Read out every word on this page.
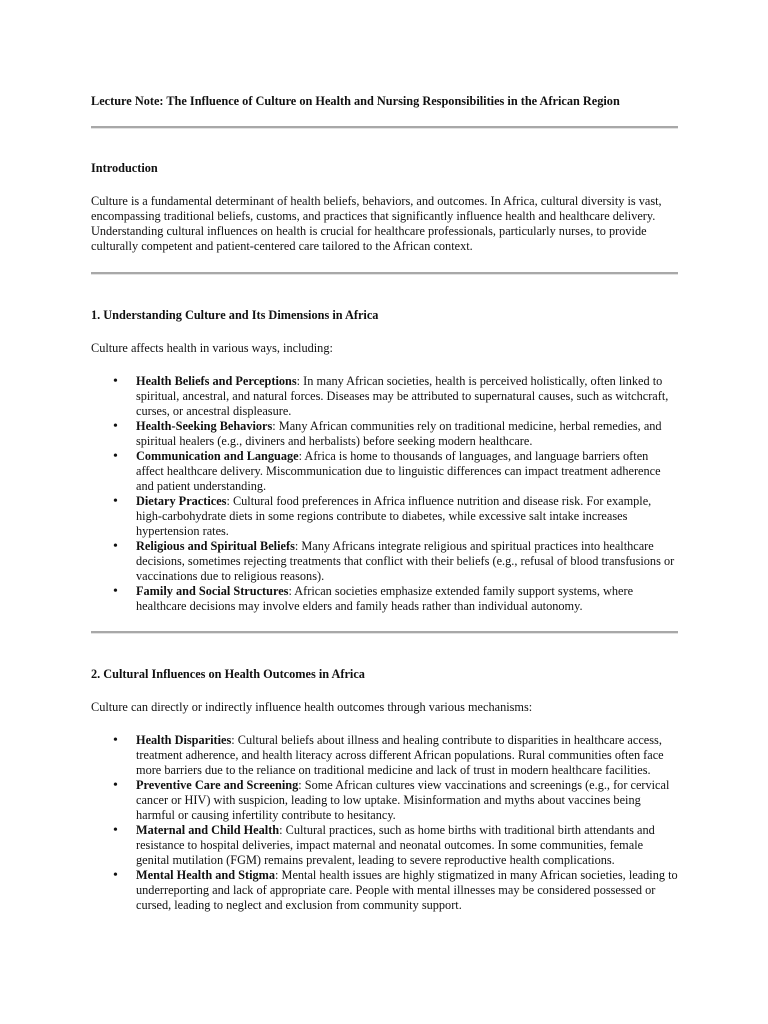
Lecture Note: The Influence of Culture on Health and Nursing Responsibilities in the African Region
Introduction

Culture is a fundamental determinant of health beliefs, behaviors, and outcomes. In Africa, cultural diversity is vast, encompassing traditional beliefs, customs, and practices that significantly influence health and healthcare delivery. Understanding cultural influences on health is crucial for healthcare professionals, particularly nurses, to provide culturally competent and patient-centered care tailored to the African context.

1. Understanding Culture and Its Dimensions in Africa

Culture affects health in various ways, including:

• Health Beliefs and Perceptions: In many African societies, health is perceived holistically, often linked to spiritual, ancestral, and natural forces. Diseases may be attributed to supernatural causes, such as witchcraft, curses, or ancestral displeasure.
• Health-Seeking Behaviors: Many African communities rely on traditional medicine, herbal remedies, and spiritual healers (e.g., diviners and herbalists) before seeking modern healthcare.
• Communication and Language: Africa is home to thousands of languages, and language barriers often affect healthcare delivery. Miscommunication due to linguistic differences can impact treatment adherence and patient understanding.
• Dietary Practices: Cultural food preferences in Africa influence nutrition and disease risk. For example, high-carbohydrate diets in some regions contribute to diabetes, while excessive salt intake increases hypertension rates.
• Religious and Spiritual Beliefs: Many Africans integrate religious and spiritual practices into healthcare decisions, sometimes rejecting treatments that conflict with their beliefs (e.g., refusal of blood transfusions or vaccinations due to religious reasons).
• Family and Social Structures: African societies emphasize extended family support systems, where healthcare decisions may involve elders and family heads rather than individual autonomy.
2. Cultural Influences on Health Outcomes in Africa

Culture can directly or indirectly influence health outcomes through various mechanisms:

• Health Disparities: Cultural beliefs about illness and healing contribute to disparities in healthcare access, treatment adherence, and health literacy across different African populations. Rural communities often face more barriers due to the reliance on traditional medicine and lack of trust in modern healthcare facilities.
• Preventive Care and Screening: Some African cultures view vaccinations and screenings (e.g., for cervical cancer or HIV) with suspicion, leading to low uptake. Misinformation and myths about vaccines being harmful or causing infertility contribute to hesitancy.
• Maternal and Child Health: Cultural practices, such as home births with traditional birth attendants and resistance to hospital deliveries, impact maternal and neonatal outcomes. In some communities, female genital mutilation (FGM) remains prevalent, leading to severe reproductive health complications.
• Mental Health and Stigma: Mental health issues are highly stigmatized in many African societies, leading to underreporting and lack of appropriate care. People with mental illnesses may be considered possessed or cursed, leading to neglect and exclusion from community support.
